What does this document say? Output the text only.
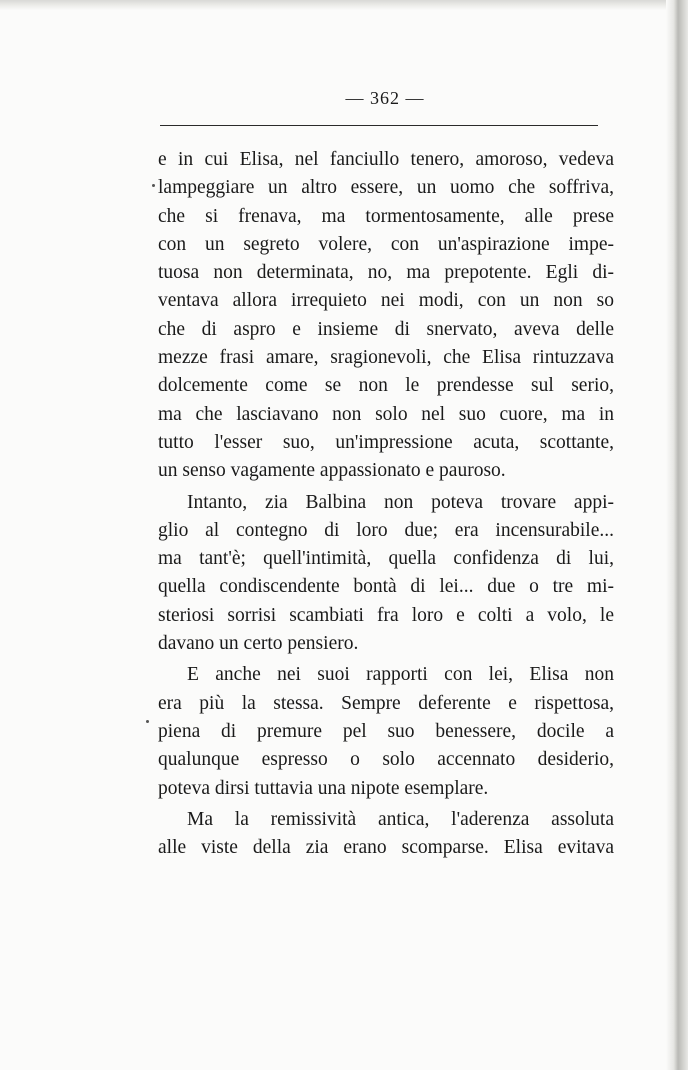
— 362 —
e in cui Elisa, nel fanciullo tenero, amoroso, vedeva
lampeggiare un altro essere, un uomo che soffriva,
che si frenava, ma tormentosamente, alle prese
con un segreto volere, con un'aspirazione impe-
tuosa non determinata, no, ma prepotente. Egli di-
ventava allora irrequieto nei modi, con un non so
che di aspro e insieme di snervato, aveva delle
mezze frasi amare, sragionevoli, che Elisa rintuzzava
dolcemente come se non le prendesse sul serio,
ma che lasciavano non solo nel suo cuore, ma in
tutto l'esser suo, un'impressione acuta, scottante,
un senso vagamente appassionato e pauroso.
Intanto, zia Balbina non poteva trovare appi-
glio al contegno di loro due; era incensurabile...
ma tant'è; quell'intimità, quella confidenza di lui,
quella condiscendente bontà di lei... due o tre mi-
steriosi sorrisi scambiati fra loro e colti a volo, le
davano un certo pensiero.
E anche nei suoi rapporti con lei, Elisa non
era più la stessa. Sempre deferente e rispettosa,
piena di premure pel suo benessere, docile a
qualunque espresso o solo accennato desiderio,
poteva dirsi tuttavia una nipote esemplare.
Ma la remissività antica, l'aderenza assoluta
alle viste della zia erano scomparse. Elisa evitava
